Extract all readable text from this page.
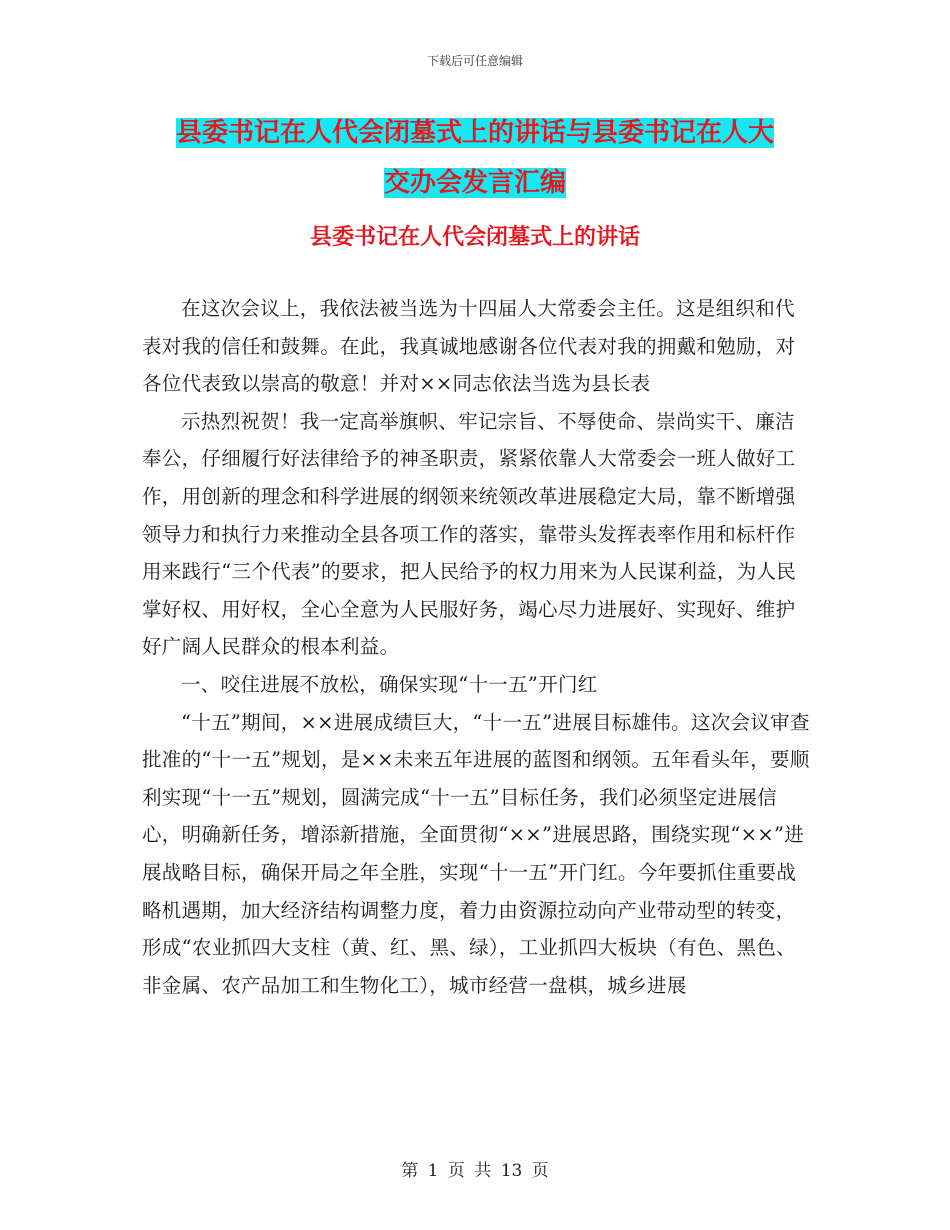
下载后可任意编辑
县委书记在人代会闭墓式上的讲话与县委书记在人大
交办会发言汇编
县委书记在人代会闭墓式上的讲话

在这次会议上，我依法被当选为十四届人大常委会主任。这是组织和代表对我的信任和鼓舞。在此，我真诚地感谢各位代表对我的拥戴和勉励，对各位代表致以崇高的敬意！并对××同志依法当选为县长表

示热烈祝贺！我一定高举旗帜、牢记宗旨、不辱使命、崇尚实干、廉洁奉公，仔细履行好法律给予的神圣职责，紧紧依靠人大常委会一班人做好工作，用创新的理念和科学进展的纲领来统领改革进展稳定大局，靠不断增强领导力和执行力来推动全县各项工作的落实，靠带头发挥表率作用和标杆作用来践行“三个代表”的要求，把人民给予的权力用来为人民谋利益，为人民掌好权、用好权，全心全意为人民服好务，竭心尽力进展好、实现好、维护好广阔人民群众的根本利益。

一、咬住进展不放松，确保实现“十一五”开门红

“十五”期间，××进展成绩巨大，“十一五”进展目标雄伟。这次会议审查批准的“十一五”规划，是××未来五年进展的蓝图和纲领。五年看头年，要顺利实现“十一五”规划，圆满完成“十一五”目标任务，我们必须坚定进展信心，明确新任务，增添新措施，全面贯彻“××”进展思路，围绕实现“××”进展战略目标，确保开局之年全胜，实现“十一五”开门红。今年要抓住重要战略机遇期，加大经济结构调整力度，着力由资源拉动向产业带动型的转变，形成“农业抓四大支柱（黄、红、黑、绿），工业抓四大板块（有色、黑色、非金属、农产品加工和生物化工），城市经营一盘棋，城乡进展

第 1 页 共 13 页
